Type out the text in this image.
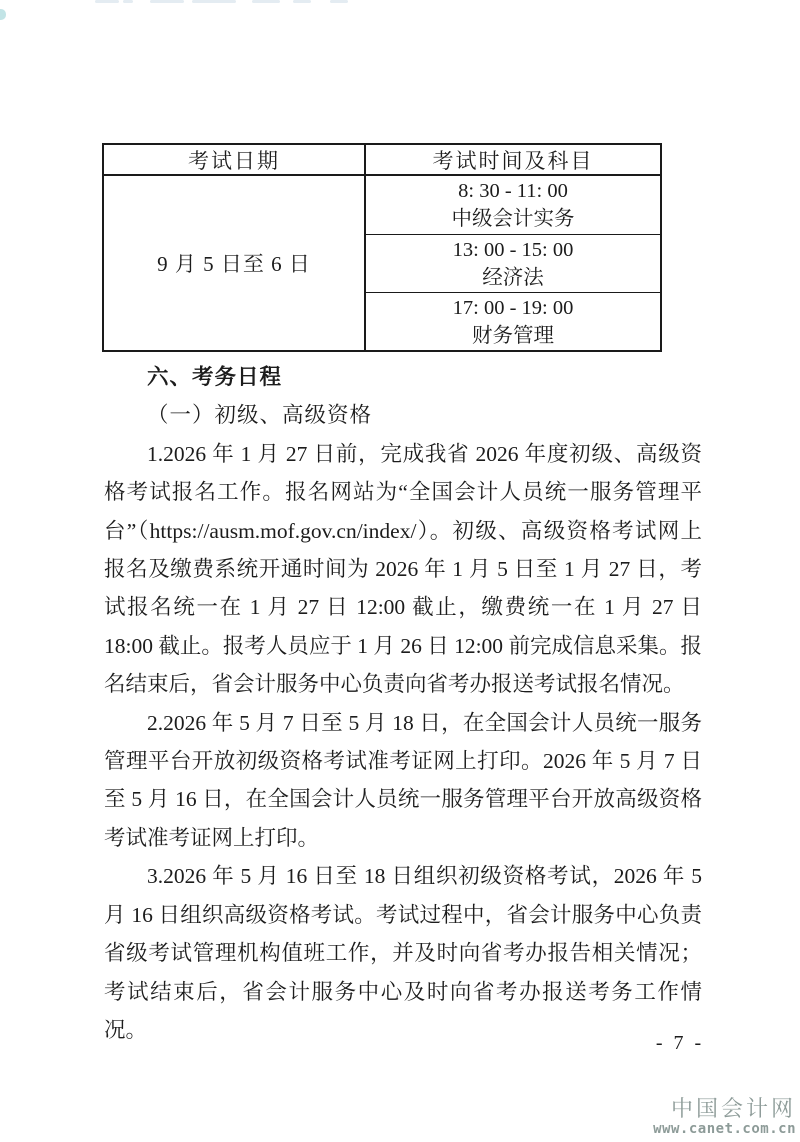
考试日期	考试时间及科目
9 月 5 日至 6 日
8: 30 - 11: 00
中级会计实务
13: 00 - 15: 00
经济法
17: 00 - 19: 00
财务管理
六、考务日程
（一）初级、高级资格

1.2026 年 1 月 27 日前，完成我省 2026 年度初级、高级资格考试报名工作。报名网站为“全国会计人员统一服务管理平台”（https://ausm.mof.gov.cn/index/）。初级、高级资格考试网上报名及缴费系统开通时间为 2026 年 1 月 5 日至 1 月 27 日，考试报名统一在 1 月 27 日 12:00 截止，缴费统一在 1 月 27 日 18:00 截止。报考人员应于 1 月 26 日 12:00 前完成信息采集。报名结束后，省会计服务中心负责向省考办报送考试报名情况。

2.2026 年 5 月 7 日至 5 月 18 日，在全国会计人员统一服务管理平台开放初级资格考试准考证网上打印。2026 年 5 月 7 日至 5 月 16 日，在全国会计人员统一服务管理平台开放高级资格考试准考证网上打印。

3.2026 年 5 月 16 日至 18 日组织初级资格考试，2026 年 5 月 16 日组织高级资格考试。考试过程中，省会计服务中心负责省级考试管理机构值班工作，并及时向省考办报告相关情况；考试结束后，省会计服务中心及时向省考办报送考务工作情况。

- 7 -
中国会计网
www.canet.com.cn
